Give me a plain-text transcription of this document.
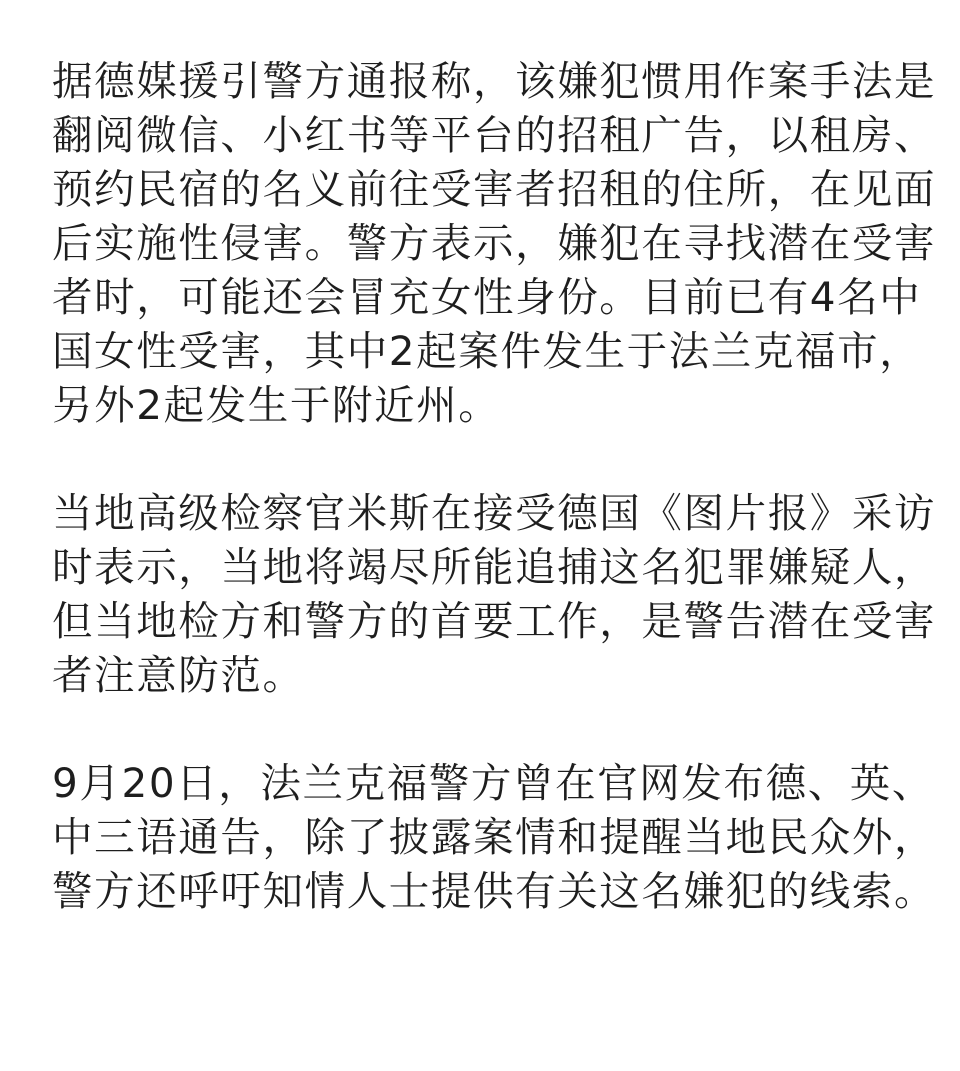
据德媒援引警方通报称，该嫌犯惯用作案手法是
翻阅微信、小红书等平台的招租广告，以租房、
预约民宿的名义前往受害者招租的住所，在见面
后实施性侵害。警方表示，嫌犯在寻找潜在受害
者时，可能还会冒充女性身份。目前已有4名中
国女性受害，其中2起案件发生于法兰克福市，
另外2起发生于附近州。
当地高级检察官米斯在接受德国《图片报》采访
时表示，当地将竭尽所能追捕这名犯罪嫌疑人，
但当地检方和警方的首要工作，是警告潜在受害
者注意防范。
9月20日，法兰克福警方曾在官网发布德、英、
中三语通告，除了披露案情和提醒当地民众外，
警方还呼吁知情人士提供有关这名嫌犯的线索。
